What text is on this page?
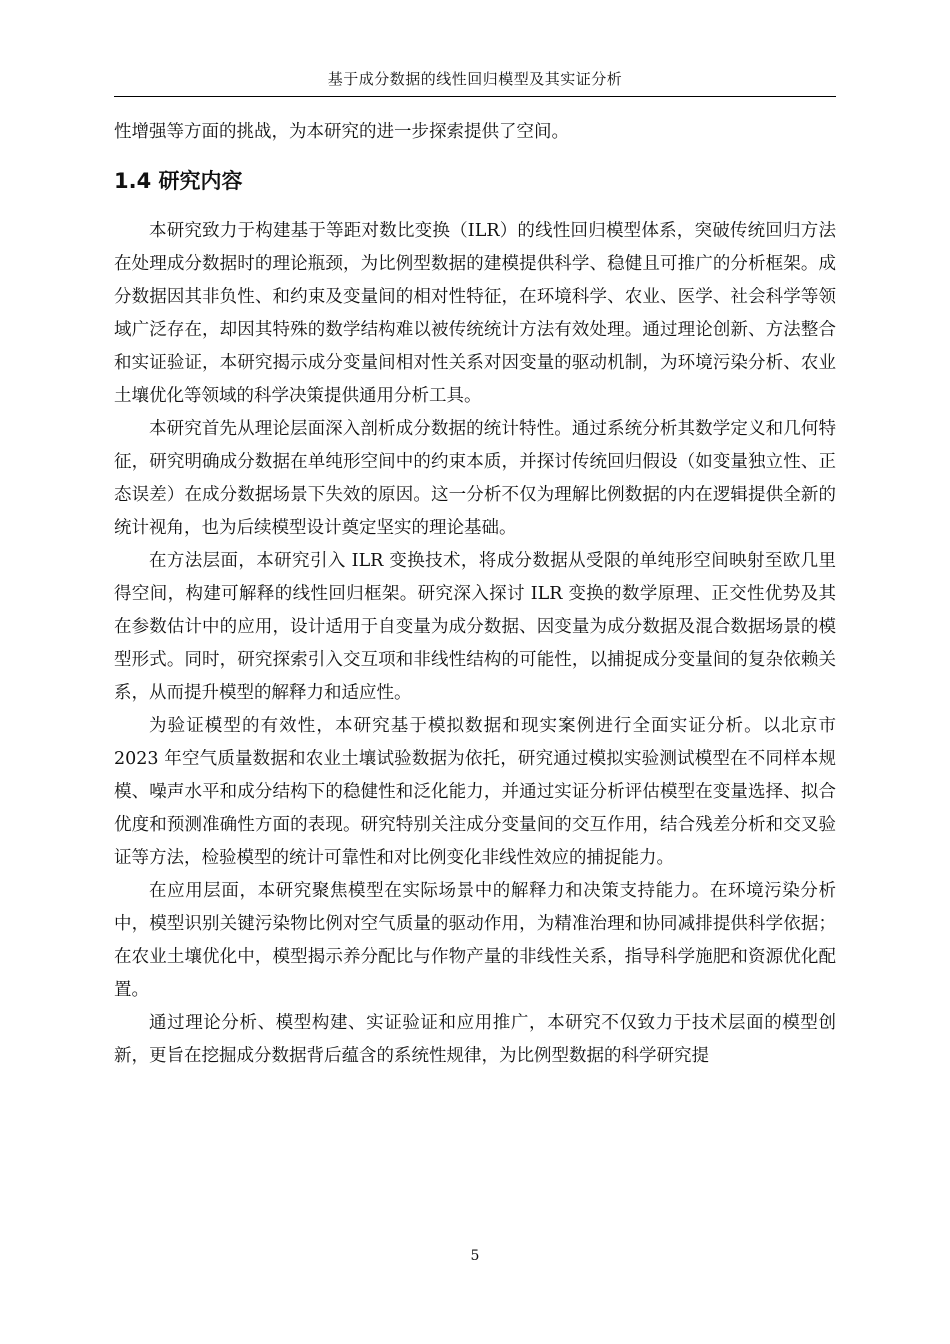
基于成分数据的线性回归模型及其实证分析

性增强等方面的挑战，为本研究的进一步探索提供了空间。

1.4 研究内容

本研究致力于构建基于等距对数比变换（ILR）的线性回归模型体系，突破传统回归方法在处理成分数据时的理论瓶颈，为比例型数据的建模提供科学、稳健且可推广的分析框架。成分数据因其非负性、和约束及变量间的相对性特征，在环境科学、农业、医学、社会科学等领域广泛存在，却因其特殊的数学结构难以被传统统计方法有效处理。通过理论创新、方法整合和实证验证，本研究揭示成分变量间相对性关系对因变量的驱动机制，为环境污染分析、农业土壤优化等领域的科学决策提供通用分析工具。

本研究首先从理论层面深入剖析成分数据的统计特性。通过系统分析其数学定义和几何特征，研究明确成分数据在单纯形空间中的约束本质，并探讨传统回归假设（如变量独立性、正态误差）在成分数据场景下失效的原因。这一分析不仅为理解比例数据的内在逻辑提供全新的统计视角，也为后续模型设计奠定坚实的理论基础。

在方法层面，本研究引入 ILR 变换技术，将成分数据从受限的单纯形空间映射至欧几里得空间，构建可解释的线性回归框架。研究深入探讨 ILR 变换的数学原理、正交性优势及其在参数估计中的应用，设计适用于自变量为成分数据、因变量为成分数据及混合数据场景的模型形式。同时，研究探索引入交互项和非线性结构的可能性，以捕捉成分变量间的复杂依赖关系，从而提升模型的解释力和适应性。

为验证模型的有效性，本研究基于模拟数据和现实案例进行全面实证分析。以北京市 2023 年空气质量数据和农业土壤试验数据为依托，研究通过模拟实验测试模型在不同样本规模、噪声水平和成分结构下的稳健性和泛化能力，并通过实证分析评估模型在变量选择、拟合优度和预测准确性方面的表现。研究特别关注成分变量间的交互作用，结合残差分析和交叉验证等方法，检验模型的统计可靠性和对比例变化非线性效应的捕捉能力。

在应用层面，本研究聚焦模型在实际场景中的解释力和决策支持能力。在环境污染分析中，模型识别关键污染物比例对空气质量的驱动作用，为精准治理和协同减排提供科学依据；在农业土壤优化中，模型揭示养分配比与作物产量的非线性关系，指导科学施肥和资源优化配置。

通过理论分析、模型构建、实证验证和应用推广，本研究不仅致力于技术层面的模型创新，更旨在挖掘成分数据背后蕴含的系统性规律，为比例型数据的科学研究提

5
